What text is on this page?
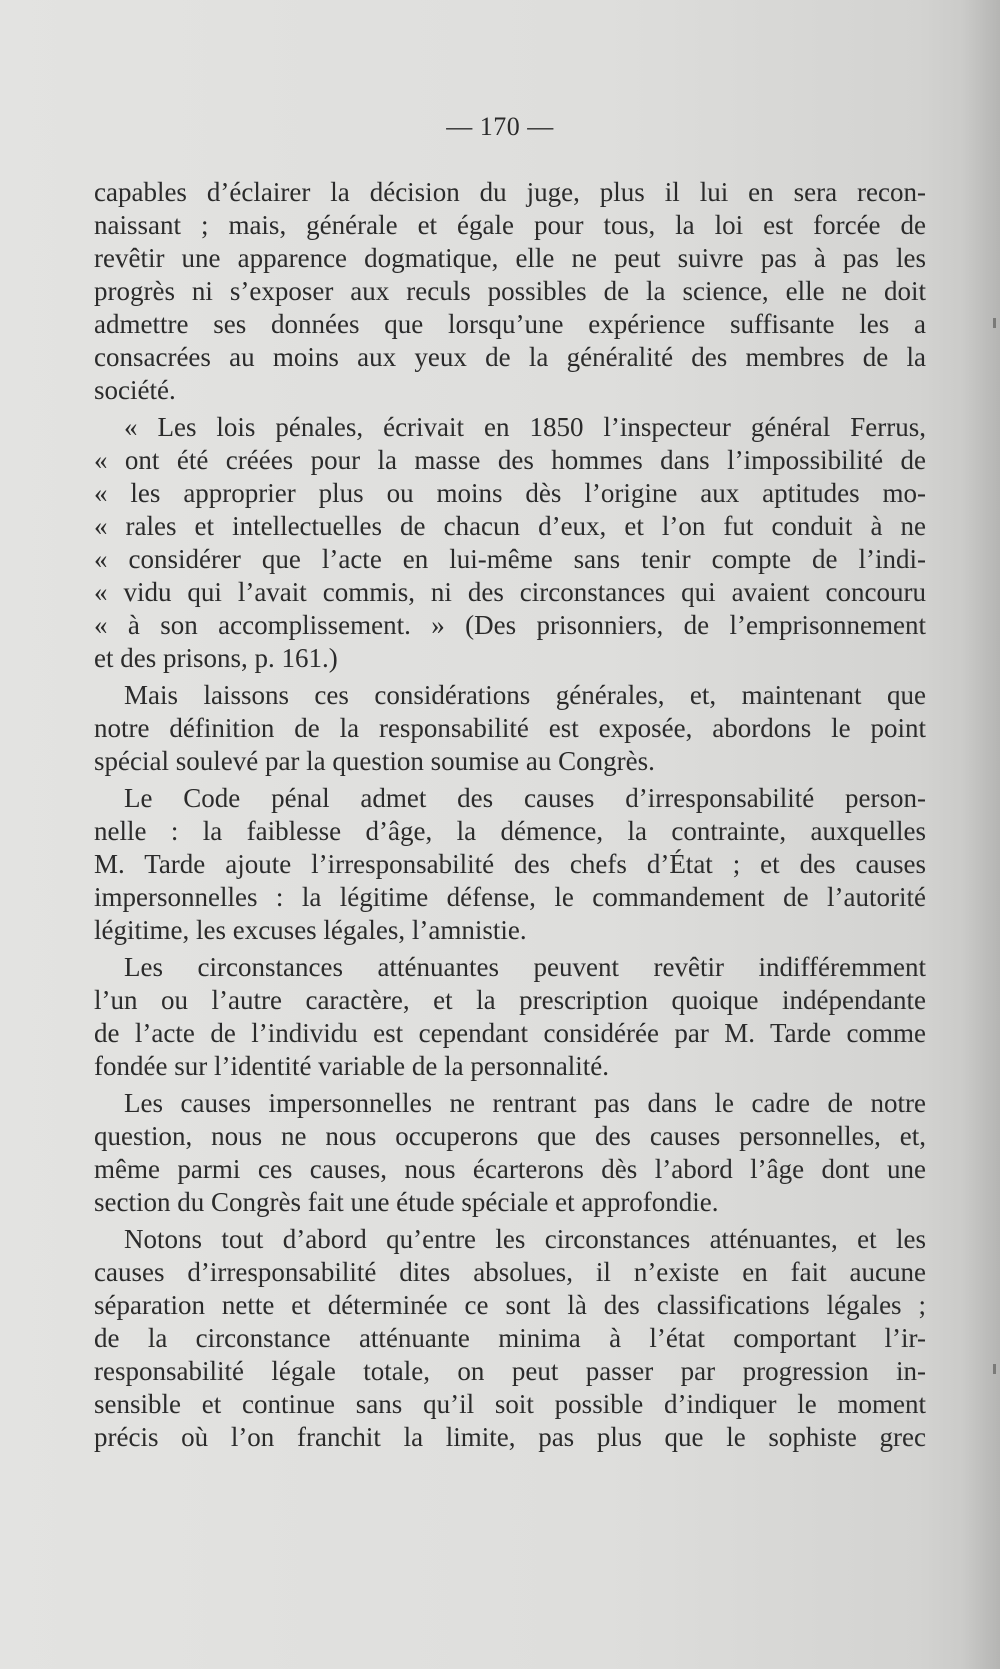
— 170 —
capables d’éclairer la décision du juge, plus il lui en sera recon-
naissant ; mais, générale et égale pour tous, la loi est forcée de
revêtir une apparence dogmatique, elle ne peut suivre pas à pas les
progrès ni s’exposer aux reculs possibles de la science, elle ne doit
admettre ses données que lorsqu’une expérience suffisante les a
consacrées au moins aux yeux de la généralité des membres de la
société.
« Les lois pénales, écrivait en 1850 l’inspecteur général Ferrus,
« ont été créées pour la masse des hommes dans l’impossibilité de
« les approprier plus ou moins dès l’origine aux aptitudes mo-
« rales et intellectuelles de chacun d’eux, et l’on fut conduit à ne
« considérer que l’acte en lui-même sans tenir compte de l’indi-
« vidu qui l’avait commis, ni des circonstances qui avaient concouru
« à son accomplissement. » (Des prisonniers, de l’emprisonnement
et des prisons, p. 161.)
Mais laissons ces considérations générales, et, maintenant que
notre définition de la responsabilité est exposée, abordons le point
spécial soulevé par la question soumise au Congrès.
Le Code pénal admet des causes d’irresponsabilité person-
nelle : la faiblesse d’âge, la démence, la contrainte, auxquelles
M. Tarde ajoute l’irresponsabilité des chefs d’État ; et des causes
impersonnelles : la légitime défense, le commandement de l’autorité
légitime, les excuses légales, l’amnistie.
Les circonstances atténuantes peuvent revêtir indifféremment
l’un ou l’autre caractère, et la prescription quoique indépendante
de l’acte de l’individu est cependant considérée par M. Tarde comme
fondée sur l’identité variable de la personnalité.
Les causes impersonnelles ne rentrant pas dans le cadre de notre
question, nous ne nous occuperons que des causes personnelles, et,
même parmi ces causes, nous écarterons dès l’abord l’âge dont une
section du Congrès fait une étude spéciale et approfondie.
Notons tout d’abord qu’entre les circonstances atténuantes, et les
causes d’irresponsabilité dites absolues, il n’existe en fait aucune
séparation nette et déterminée ce sont là des classifications légales ;
de la circonstance atténuante minima à l’état comportant l’ir-
responsabilité légale totale, on peut passer par progression in-
sensible et continue sans qu’il soit possible d’indiquer le moment
précis où l’on franchit la limite, pas plus que le sophiste grec
